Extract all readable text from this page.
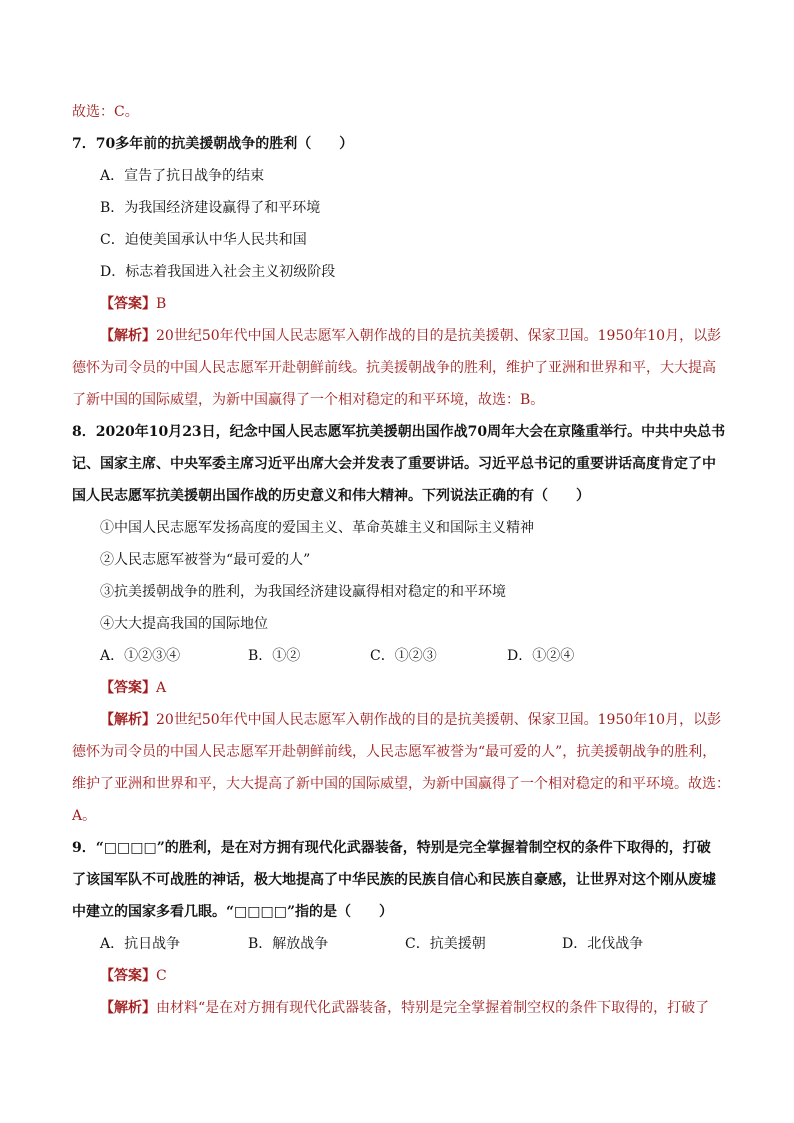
故选：C。
7．70多年前的抗美援朝战争的胜利（　　）
A．宣告了抗日战争的结束
B．为我国经济建设赢得了和平环境
C．迫使美国承认中华人民共和国
D．标志着我国进入社会主义初级阶段
【答案】B
【解析】20世纪50年代中国人民志愿军入朝作战的目的是抗美援朝、保家卫国。1950年10月，以彭
德怀为司令员的中国人民志愿军开赴朝鲜前线。抗美援朝战争的胜利，维护了亚洲和世界和平，大大提高
了新中国的国际威望，为新中国赢得了一个相对稳定的和平环境，故选：B。
8．2020年10月23日，纪念中国人民志愿军抗美援朝出国作战70周年大会在京隆重举行。中共中央总书
记、国家主席、中央军委主席习近平出席大会并发表了重要讲话。习近平总书记的重要讲话高度肯定了中
国人民志愿军抗美援朝出国作战的历史意义和伟大精神。下列说法正确的有（　　）
①中国人民志愿军发扬高度的爱国主义、革命英雄主义和国际主义精神
②人民志愿军被誉为“最可爱的人”
③抗美援朝战争的胜利，为我国经济建设赢得相对稳定的和平环境
④大大提高我国的国际地位
A．①②③④	B．①②	C．①②③	D．①②④
【答案】A
【解析】20世纪50年代中国人民志愿军入朝作战的目的是抗美援朝、保家卫国。1950年10月，以彭
德怀为司令员的中国人民志愿军开赴朝鲜前线，人民志愿军被誉为“最可爱的人”，抗美援朝战争的胜利，
维护了亚洲和世界和平，大大提高了新中国的国际威望，为新中国赢得了一个相对稳定的和平环境。故选：
A。
9．“□□□□”的胜利，是在对方拥有现代化武器装备，特别是完全掌握着制空权的条件下取得的，打破
了该国军队不可战胜的神话，极大地提高了中华民族的民族自信心和民族自豪感，让世界对这个刚从废墟
中建立的国家多看几眼。“□□□□”指的是（　　）
A．抗日战争	B．解放战争	C．抗美援朝	D．北伐战争
【答案】C
【解析】由材料“是在对方拥有现代化武器装备，特别是完全掌握着制空权的条件下取得的，打破了
